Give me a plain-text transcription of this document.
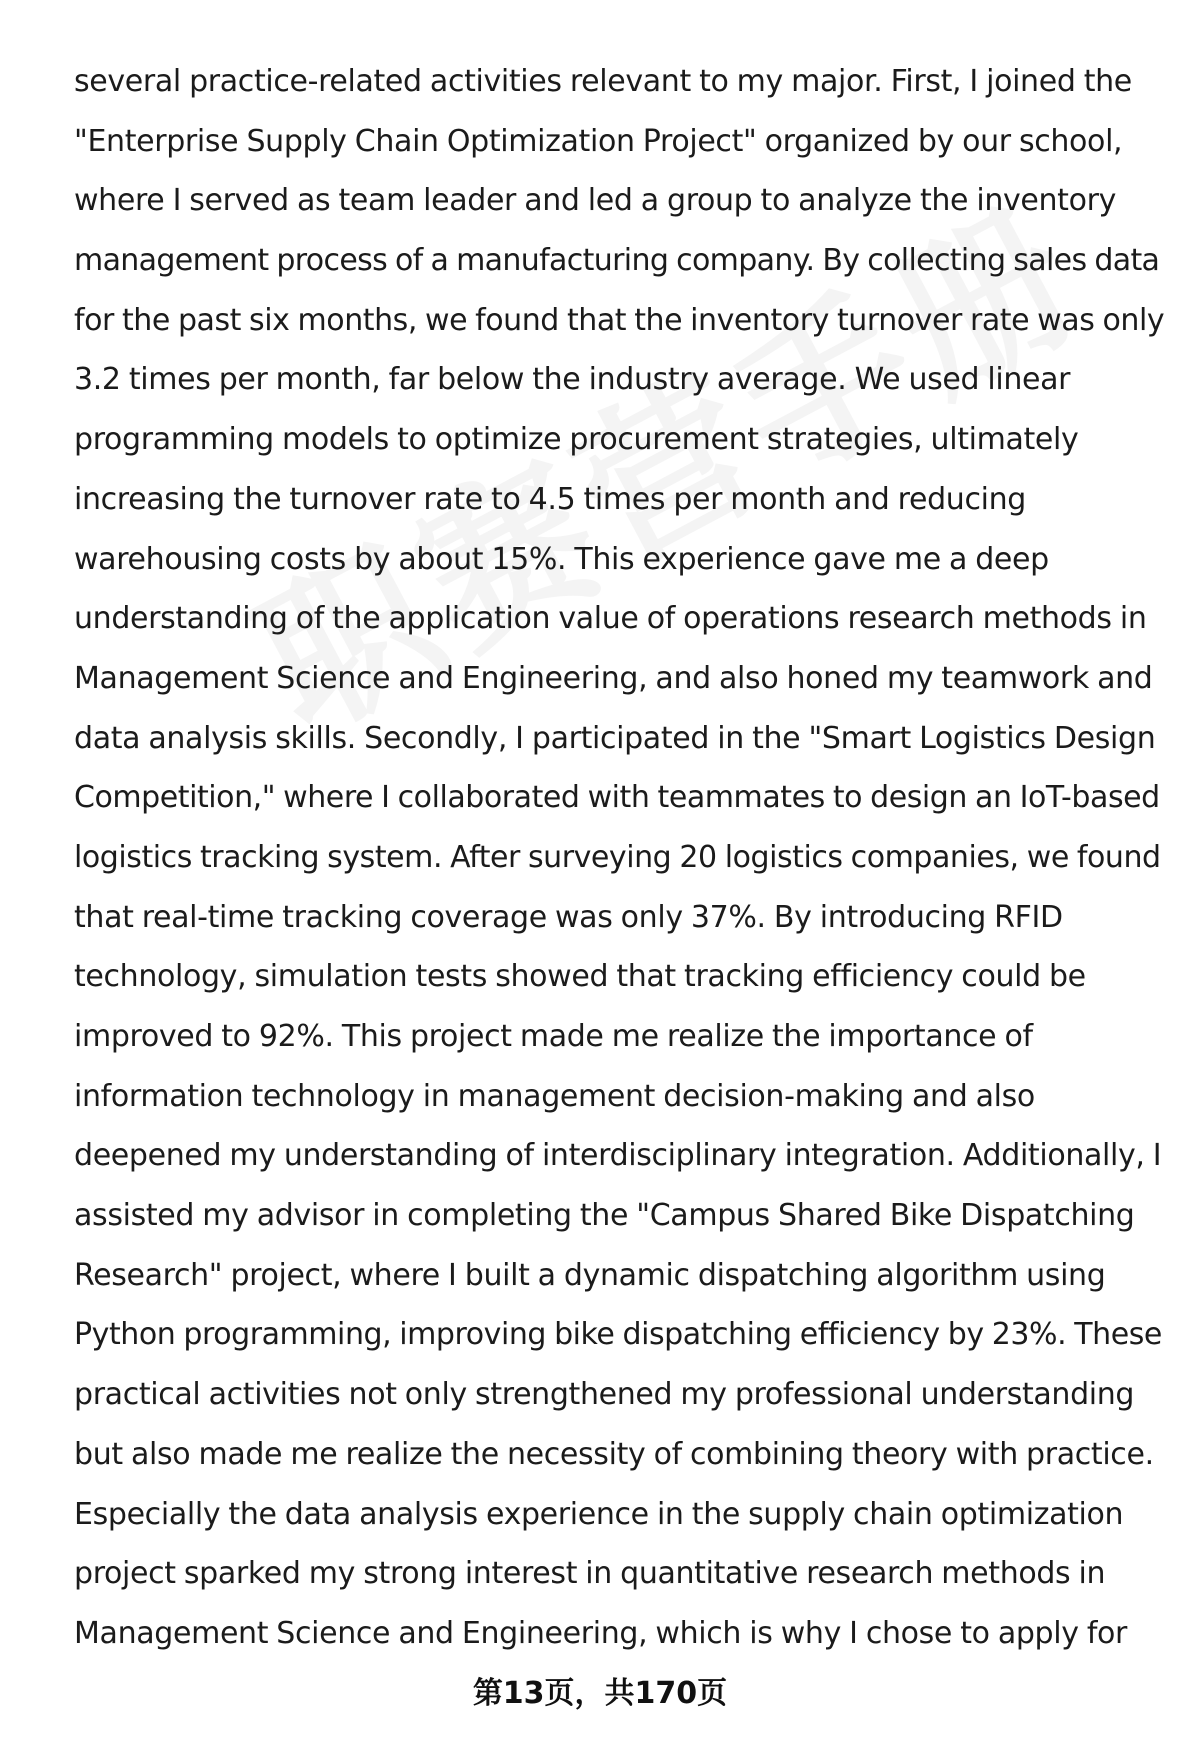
several practice-related activities relevant to my major. First, I joined the
"Enterprise Supply Chain Optimization Project" organized by our school,
where I served as team leader and led a group to analyze the inventory
management process of a manufacturing company. By collecting sales data
for the past six months, we found that the inventory turnover rate was only
3.2 times per month, far below the industry average. We used linear
programming models to optimize procurement strategies, ultimately
increasing the turnover rate to 4.5 times per month and reducing
warehousing costs by about 15%. This experience gave me a deep
understanding of the application value of operations research methods in
Management Science and Engineering, and also honed my teamwork and
data analysis skills. Secondly, I participated in the "Smart Logistics Design
Competition," where I collaborated with teammates to design an IoT-based
logistics tracking system. After surveying 20 logistics companies, we found
that real-time tracking coverage was only 37%. By introducing RFID
technology, simulation tests showed that tracking efficiency could be
improved to 92%. This project made me realize the importance of
information technology in management decision-making and also
deepened my understanding of interdisciplinary integration. Additionally, I
assisted my advisor in completing the "Campus Shared Bike Dispatching
Research" project, where I built a dynamic dispatching algorithm using
Python programming, improving bike dispatching efficiency by 23%. These
practical activities not only strengthened my professional understanding
but also made me realize the necessity of combining theory with practice.
Especially the data analysis experience in the supply chain optimization
project sparked my strong interest in quantitative research methods in
Management Science and Engineering, which is why I chose to apply for
第13页，共170页
